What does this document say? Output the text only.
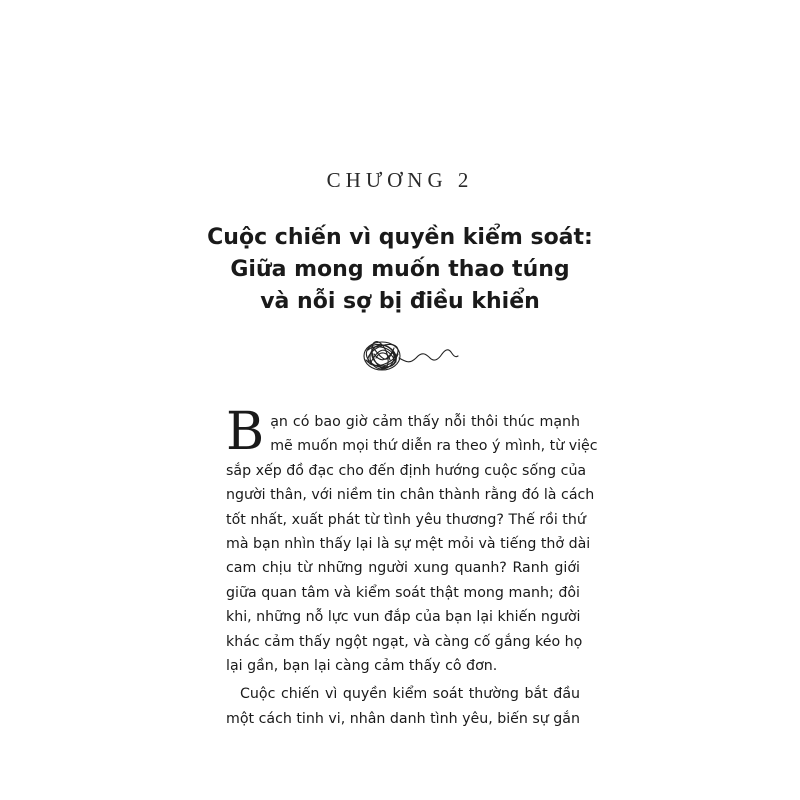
CHƯƠNG 2
Cuộc chiến vì quyền kiểm soát:
Giữa mong muốn thao túng
và nỗi sợ bị điều khiển
B ạn có bao giờ cảm thấy nỗi thôi thúc mạnh
mẽ muốn mọi thứ diễn ra theo ý mình, từ việc
sắp xếp đồ đạc cho đến định hướng cuộc sống của
người thân, với niềm tin chân thành rằng đó là cách
tốt nhất, xuất phát từ tình yêu thương? Thế rồi thứ
mà bạn nhìn thấy lại là sự mệt mỏi và tiếng thở dài
cam chịu từ những người xung quanh? Ranh giới
giữa quan tâm và kiểm soát thật mong manh; đôi
khi, những nỗ lực vun đắp của bạn lại khiến người
khác cảm thấy ngột ngạt, và càng cố gắng kéo họ
lại gần, bạn lại càng cảm thấy cô đơn.
Cuộc chiến vì quyền kiểm soát thường bắt đầu
một cách tinh vi, nhân danh tình yêu, biến sự gắn
